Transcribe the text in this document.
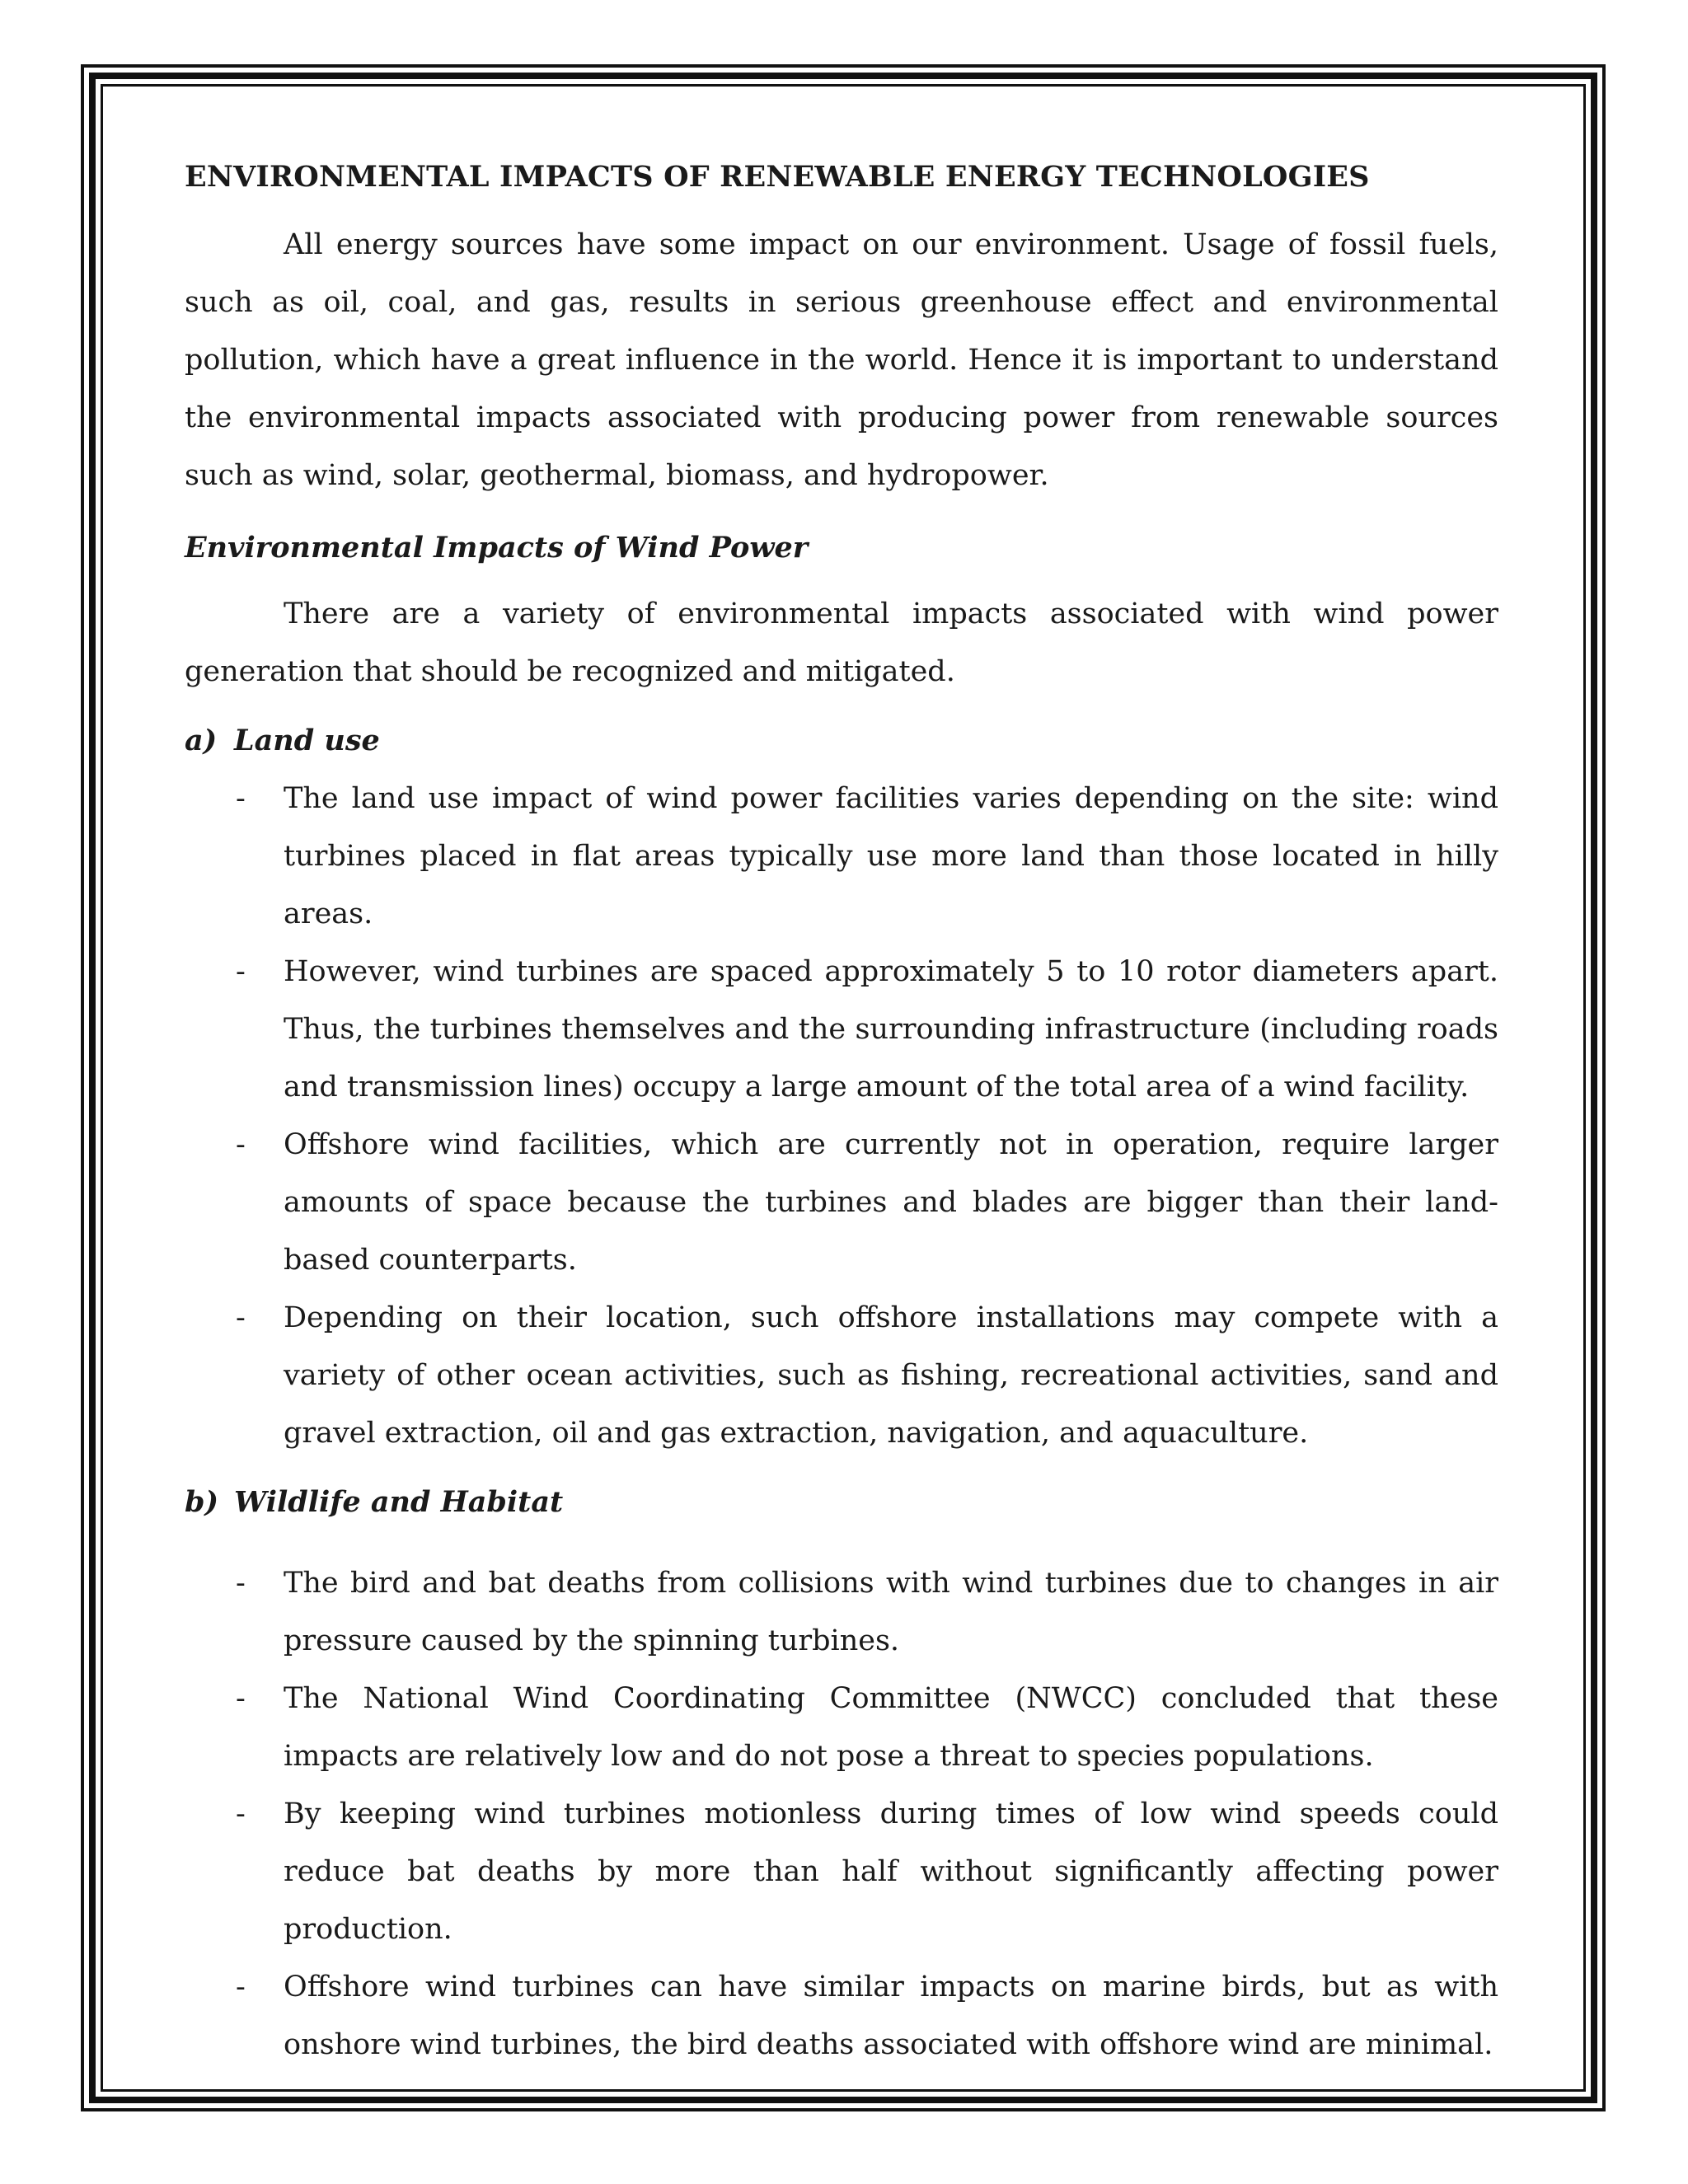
ENVIRONMENTAL IMPACTS OF RENEWABLE ENERGY TECHNOLOGIES

All energy sources have some impact on our environment. Usage of fossil fuels, such as oil, coal, and gas, results in serious greenhouse effect and environmental pollution, which have a great influence in the world. Hence it is important to understand the environmental impacts associated with producing power from renewable sources such as wind, solar, geothermal, biomass, and hydropower.

Environmental Impacts of Wind Power

There are a variety of environmental impacts associated with wind power generation that should be recognized and mitigated.

a) Land use
- The land use impact of wind power facilities varies depending on the site: wind turbines placed in flat areas typically use more land than those located in hilly areas.
- However, wind turbines are spaced approximately 5 to 10 rotor diameters apart. Thus, the turbines themselves and the surrounding infrastructure (including roads and transmission lines) occupy a large amount of the total area of a wind facility.
- Offshore wind facilities, which are currently not in operation, require larger amounts of space because the turbines and blades are bigger than their land-based counterparts.
- Depending on their location, such offshore installations may compete with a variety of other ocean activities, such as fishing, recreational activities, sand and gravel extraction, oil and gas extraction, navigation, and aquaculture.
b) Wildlife and Habitat
- The bird and bat deaths from collisions with wind turbines due to changes in air pressure caused by the spinning turbines.
- The National Wind Coordinating Committee (NWCC) concluded that these impacts are relatively low and do not pose a threat to species populations.
- By keeping wind turbines motionless during times of low wind speeds could reduce bat deaths by more than half without significantly affecting power production.
- Offshore wind turbines can have similar impacts on marine birds, but as with onshore wind turbines, the bird deaths associated with offshore wind are minimal.
